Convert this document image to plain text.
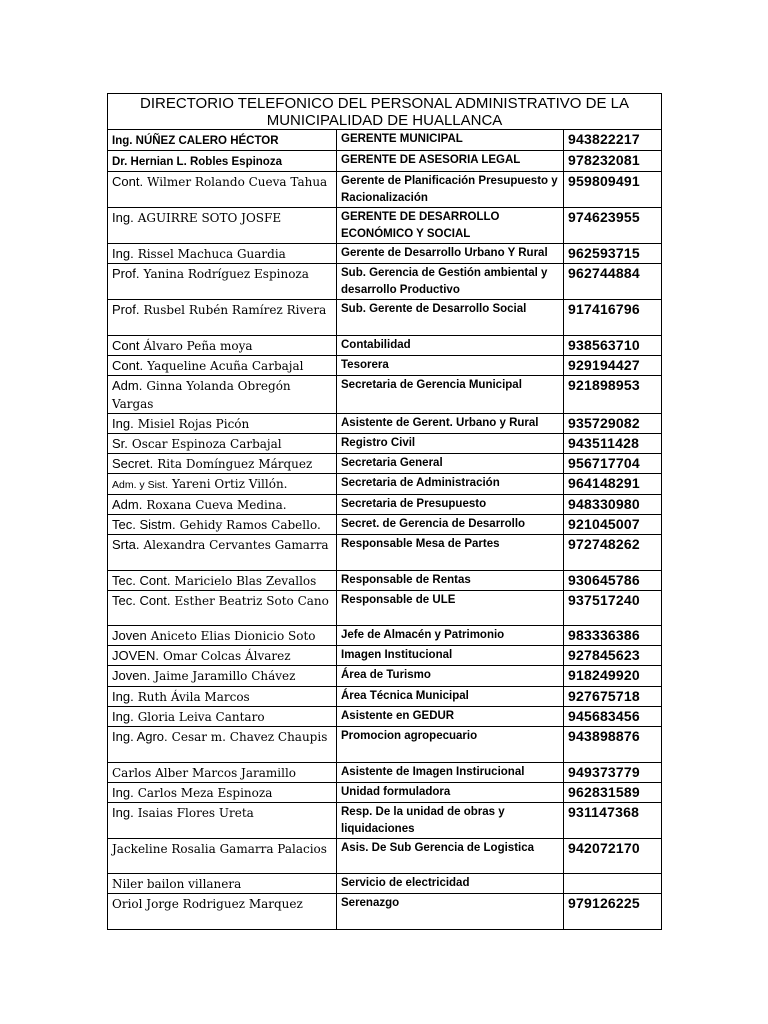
DIRECTORIO TELEFONICO DEL PERSONAL ADMINISTRATIVO DE LA MUNICIPALIDAD DE HUALLANCA		
Ing. NÚÑEZ CALERO HÉCTOR	GERENTE MUNICIPAL	943822217
Dr. Hernian L. Robles Espinoza	GERENTE DE ASESORIA LEGAL	978232081
Cont. Wilmer Rolando Cueva Tahua	Gerente de Planificación Presupuesto y Racionalización	959809491
Ing. AGUIRRE SOTO JOSFE	GERENTE DE DESARROLLO ECONÓMICO Y SOCIAL	974623955
Ing. Rissel Machuca Guardia	Gerente de Desarrollo Urbano Y Rural	962593715
Prof. Yanina Rodríguez Espinoza	Sub. Gerencia de Gestión ambiental y desarrollo Productivo	962744884
Prof. Rusbel Rubén Ramírez Rivera	Sub. Gerente de Desarrollo Social	917416796
Cont Álvaro Peña moya	Contabilidad	938563710
Cont. Yaqueline Acuña Carbajal	Tesorera	929194427
Adm. Ginna Yolanda Obregón Vargas	Secretaria de Gerencia Municipal	921898953
Ing. Misiel Rojas Picón	Asistente de Gerent. Urbano y Rural	935729082
Sr. Oscar Espinoza Carbajal	Registro Civil	943511428
Secret. Rita Domínguez Márquez	Secretaria General	956717704
Adm. y Sist. Yareni Ortiz Villón.	Secretaria de Administración	964148291
Adm. Roxana Cueva Medina.	Secretaria de Presupuesto	948330980
Tec. Sistm. Gehidy Ramos Cabello.	Secret. de Gerencia de Desarrollo	921045007
Srta. Alexandra Cervantes Gamarra	Responsable Mesa de Partes	972748262
Tec. Cont. Maricielo Blas Zevallos	Responsable de Rentas	930645786
Tec. Cont. Esther Beatriz Soto Cano	Responsable de ULE	937517240
Joven Aniceto Elias Dionicio Soto	Jefe de Almacén y Patrimonio	983336386
JOVEN. Omar Colcas Álvarez	Imagen Institucional	927845623
Joven. Jaime Jaramillo Chávez	Área de Turismo	918249920
Ing. Ruth Ávila Marcos	Área Técnica Municipal	927675718
Ing. Gloria Leiva Cantaro	Asistente en GEDUR	945683456
Ing. Agro. Cesar m. Chavez Chaupis	Promocion agropecuario	943898876
Carlos Alber Marcos Jaramillo	Asistente de Imagen Instirucional	949373779
Ing. Carlos Meza Espinoza	Unidad formuladora	962831589
Ing. Isaias Flores Ureta	Resp. De la unidad de obras y liquidaciones	931147368
Jackeline Rosalia Gamarra Palacios	Asis. De Sub Gerencia de Logistica	942072170
Niler bailon villanera	Servicio de electricidad	
Oriol Jorge Rodriguez Marquez	Serenazgo	979126225
